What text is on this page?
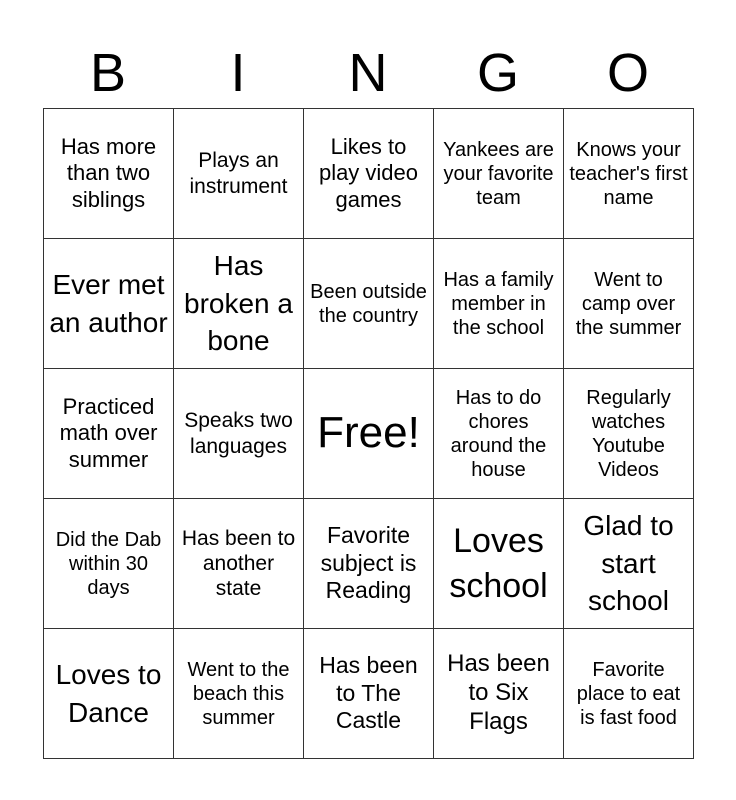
B	I	N	G	O
Has more than two siblings	Plays an instrument	Likes to play video games	Yankees are your favorite team	Knows your teacher's first name

Ever met an author	Has broken a bone	Been outside the country	Has a family member in the school	Went to camp over the summer

Practiced math over summer	Speaks two languages	Free!	Has to do chores around the house	Regularly watches Youtube Videos

Did the Dab within 30 days	Has been to another state	Favorite subject is Reading	Loves school	Glad to start school

Loves to Dance	Went to the beach this summer	Has been to The Castle	Has been to Six Flags	Favorite place to eat is fast food
